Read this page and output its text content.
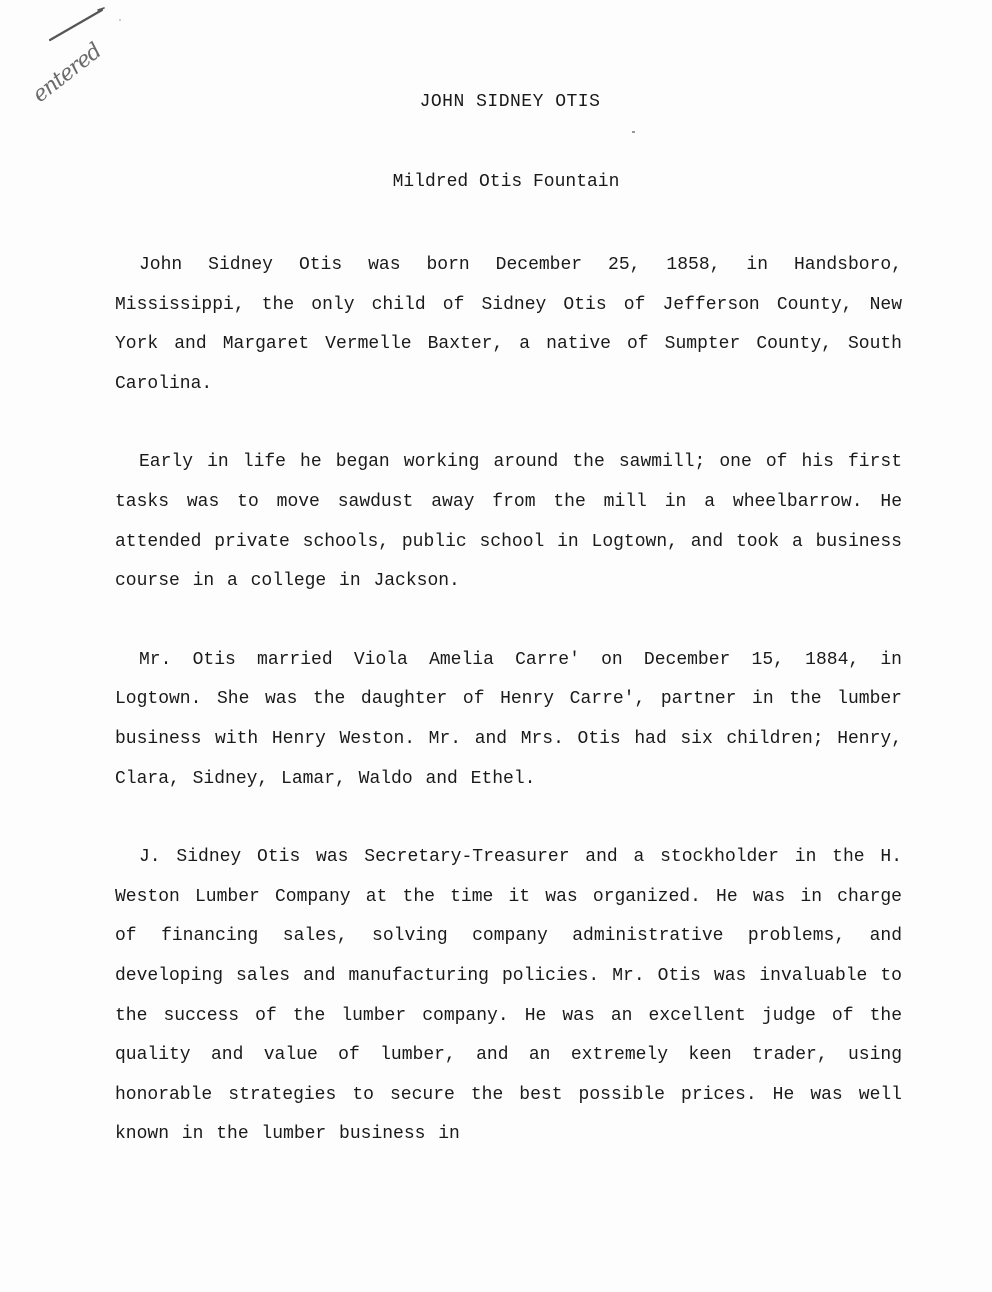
entered	JOHN SIDNEY OTIS

Mildred Otis Fountain

John Sidney Otis was born December 25, 1858, in Handsboro, Mississippi, the only child of Sidney Otis of Jefferson County, New York and Margaret Vermelle Baxter, a native of Sumpter County, South Carolina.

Early in life he began working around the sawmill; one of his first tasks was to move sawdust away from the mill in a wheelbarrow. He attended private schools, public school in Logtown, and took a business course in a college in Jackson.

Mr. Otis married Viola Amelia Carre' on December 15, 1884, in Logtown. She was the daughter of Henry Carre', partner in the lumber business with Henry Weston. Mr. and Mrs. Otis had six children; Henry, Clara, Sidney, Lamar, Waldo and Ethel.

J. Sidney Otis was Secretary-Treasurer and a stockholder in the H. Weston Lumber Company at the time it was organized. He was in charge of financing sales, solving company administrative problems, and developing sales and manufacturing policies. Mr. Otis was invaluable to the success of the lumber company. He was an excellent judge of the quality and value of lumber, and an extremely keen trader, using honorable strategies to secure the best possible prices. He was well known in the lumber business in
